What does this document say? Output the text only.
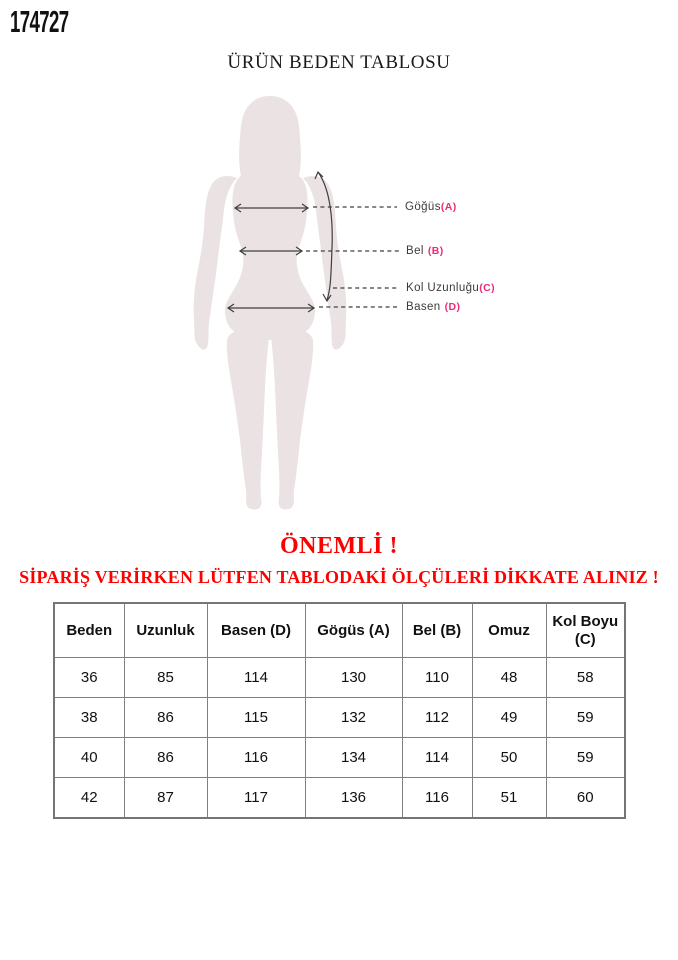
174727
ÜRÜN BEDEN TABLOSU
Göğüs(A)
Bel (B)
Kol Uzunluğu(C)
Basen (D)
ÖNEMLİ !
SİPARİŞ VERİRKEN LÜTFEN TABLODAKİ ÖLÇÜLERİ DİKKATE ALINIZ !
Beden	Uzunluk	Basen (D)	Gögüs (A)	Bel (B)	Omuz	Kol Boyu (C)
36	85	114	130	110	48	58
38	86	115	132	112	49	59
40	86	116	134	114	50	59
42	87	117	136	116	51	60
